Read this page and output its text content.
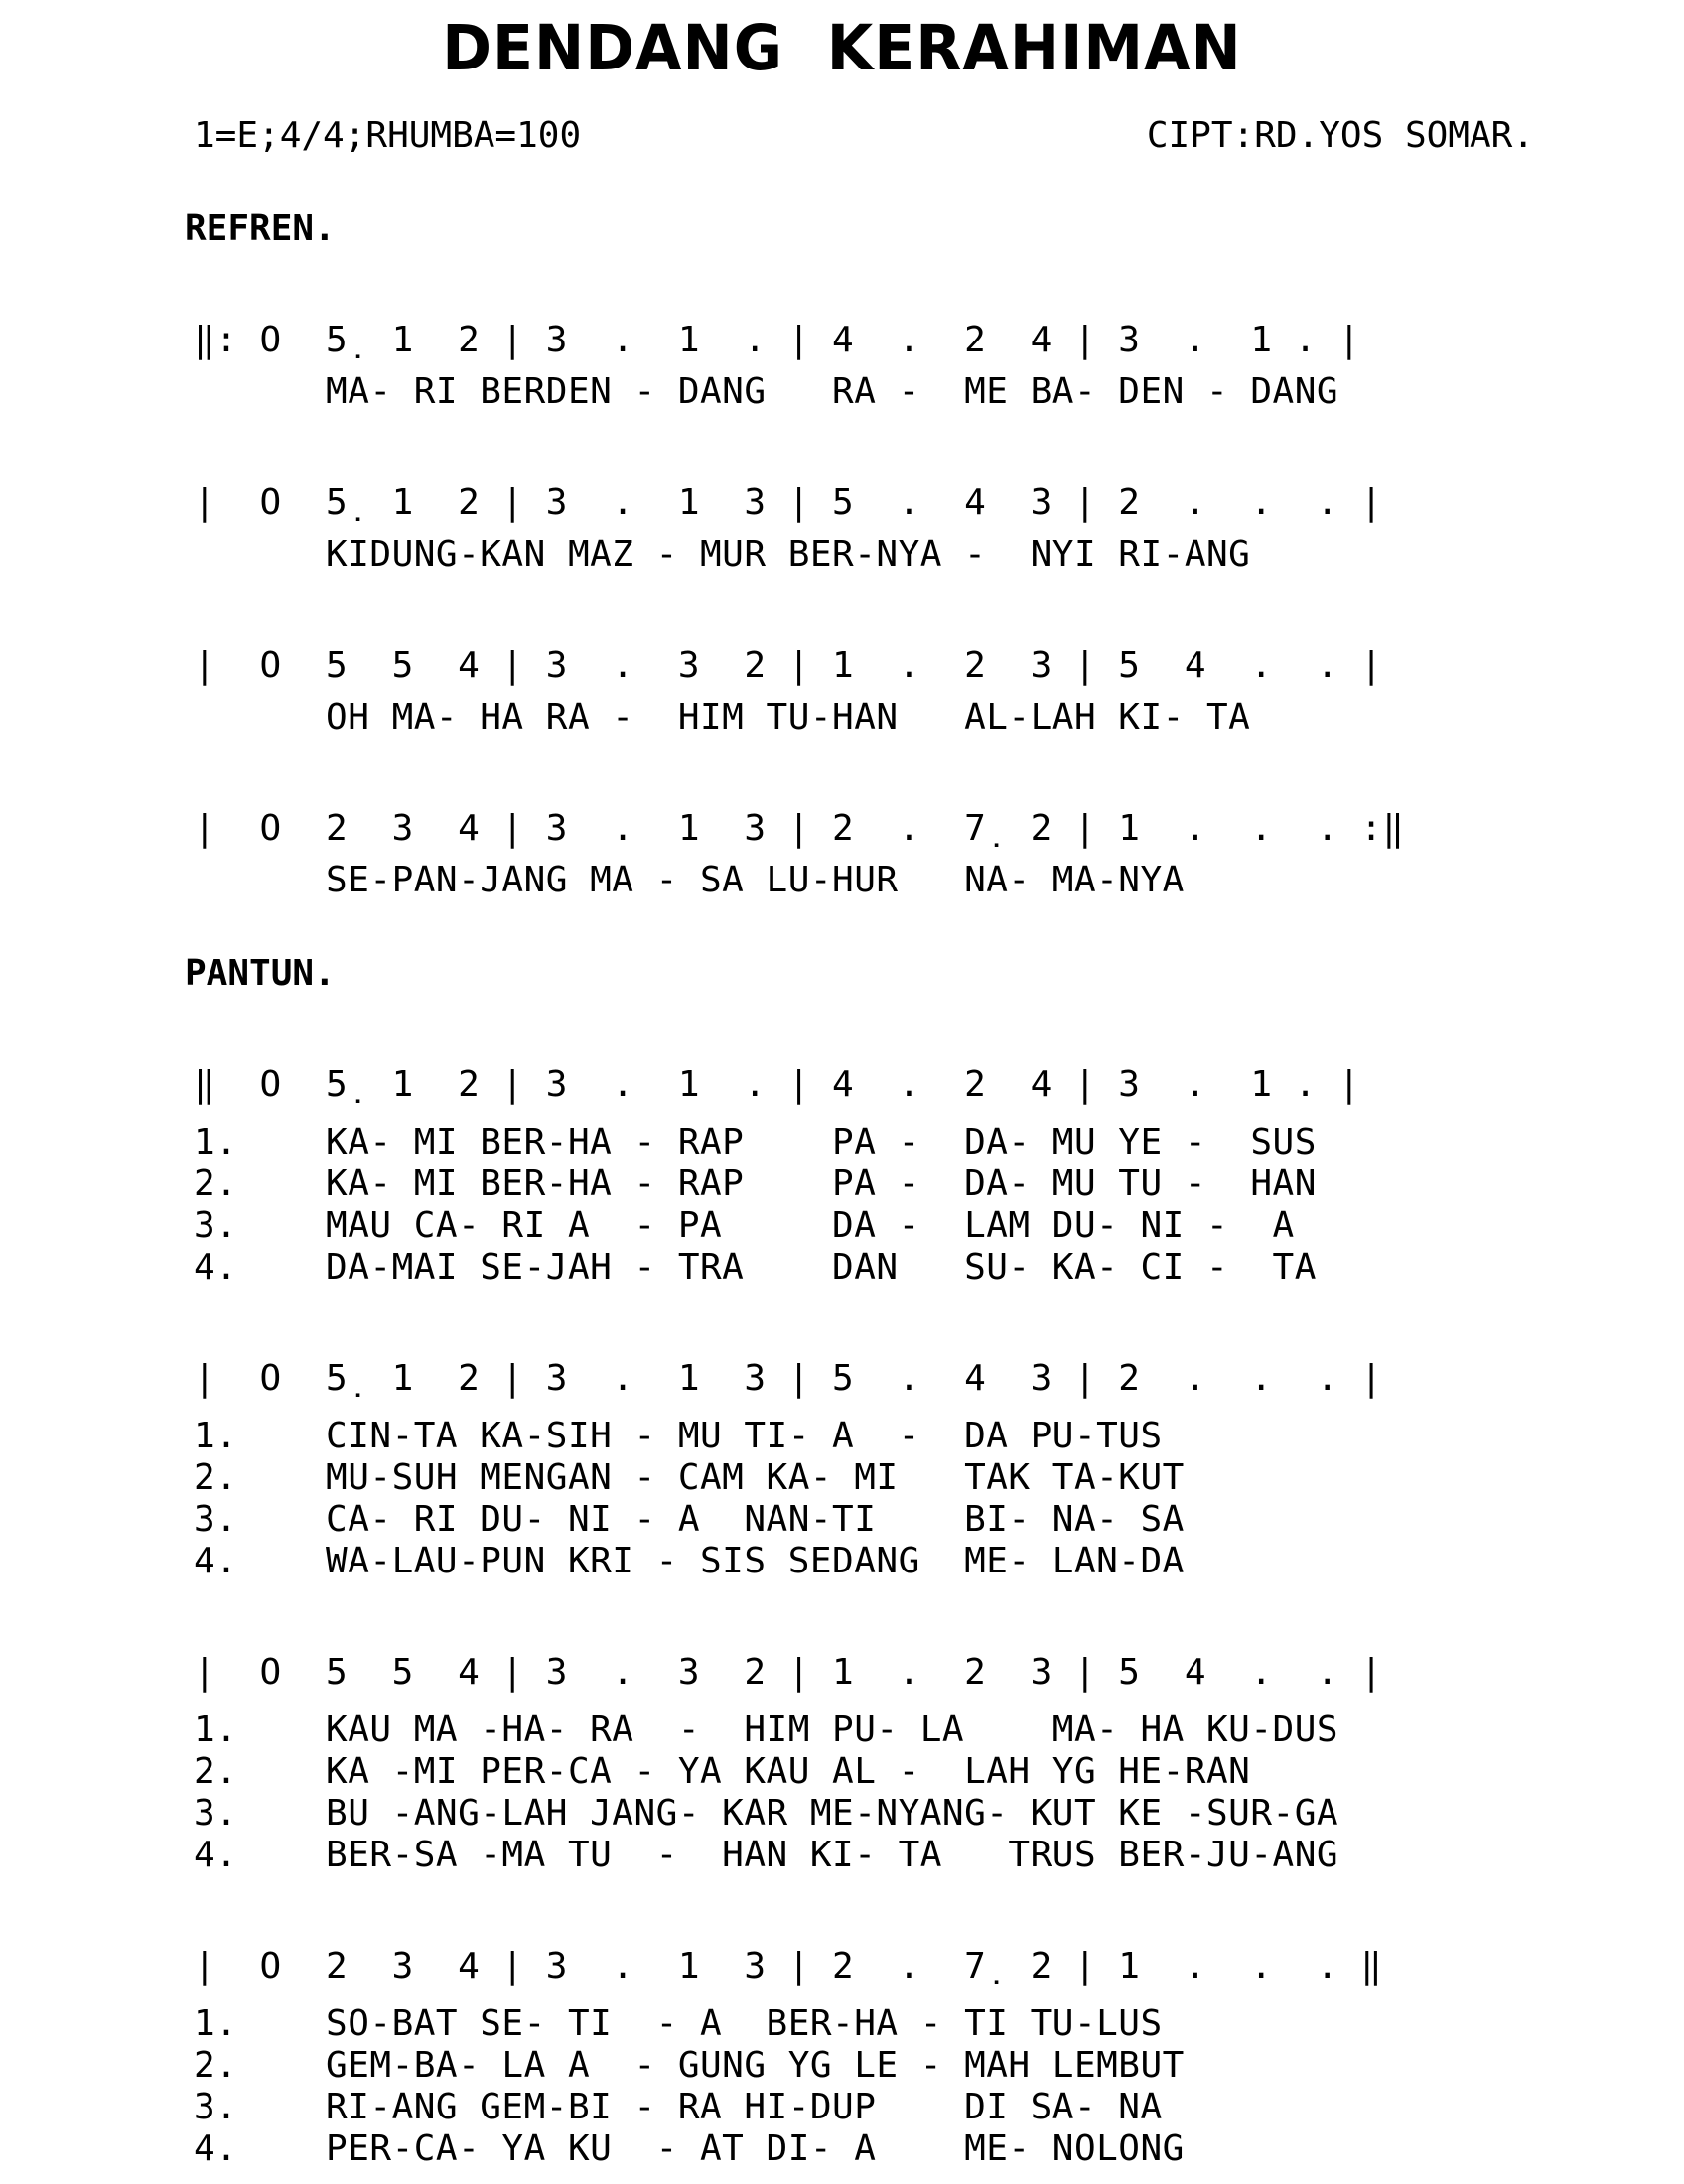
DENDANG  KERAHIMAN
1=E;4/4;RHUMBA=100	CIPT:RD.YOS SOMAR.
REFREN.
‖: O  5̣  1  2 | 3  .  1  . | 4  .  2  4 | 3  .  1 . |
MA- RI BERDEN - DANG   RA -  ME BA- DEN - DANG
|  O  5̣  1  2 | 3  .  1  3 | 5  .  4  3 | 2  .  .  . |
KIDUNG-KAN MAZ - MUR BER-NYA -  NYI RI-ANG
|  O  5  5  4 | 3  .  3  2 | 1  .  2  3 | 5  4  .  . |
OH MA- HA RA -  HIM TU-HAN   AL-LAH KI- TA
|  O  2  3  4 | 3  .  1  3 | 2  .  7̣  2 | 1  .  .  . :‖
SE-PAN-JANG MA - SA LU-HUR   NA- MA-NYA
PANTUN.
‖  O  5̣  1  2 | 3  .  1  . | 4  .  2  4 | 3  .  1 . |
1.    KA- MI BER-HA - RAP    PA -  DA- MU YE -  SUS
2.    KA- MI BER-HA - RAP    PA -  DA- MU TU -  HAN
3.    MAU CA- RI A  - PA     DA -  LAM DU- NI -  A
4.    DA-MAI SE-JAH - TRA    DAN   SU- KA- CI -  TA
|  O  5̣  1  2 | 3  .  1  3 | 5  .  4  3 | 2  .  .  . |
1.    CIN-TA KA-SIH - MU TI- A  -  DA PU-TUS
2.    MU-SUH MENGAN - CAM KA- MI   TAK TA-KUT
3.    CA- RI DU- NI - A  NAN-TI    BI- NA- SA
4.    WA-LAU-PUN KRI - SIS SEDANG  ME- LAN-DA
|  O  5  5  4 | 3  .  3  2 | 1  .  2  3 | 5  4  .  . |
1.    KAU MA -HA- RA  -  HIM PU- LA    MA- HA KU-DUS
2.    KA -MI PER-CA - YA KAU AL -  LAH YG HE-RAN
3.    BU -ANG-LAH JANG- KAR ME-NYANG- KUT KE -SUR-GA
4.    BER-SA -MA TU  -  HAN KI- TA   TRUS BER-JU-ANG
|  O  2  3  4 | 3  .  1  3 | 2  .  7̣  2 | 1  .  .  . ‖
1.    SO-BAT SE- TI  - A  BER-HA - TI TU-LUS
2.    GEM-BA- LA A  - GUNG YG LE - MAH LEMBUT
3.    RI-ANG GEM-BI - RA HI-DUP    DI SA- NA
4.    PER-CA- YA KU  - AT DI- A    ME- NOLONG
